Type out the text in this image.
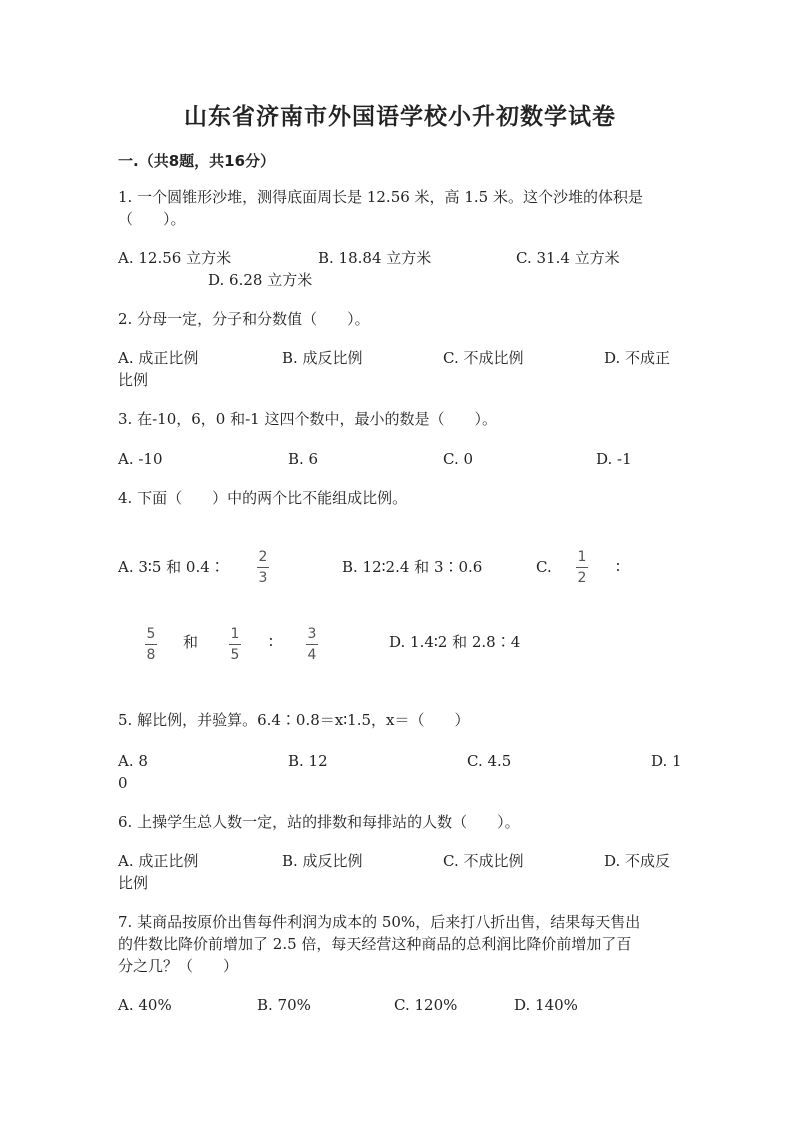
山东省济南市外国语学校小升初数学试卷
一.（共8题，共16分）
1. 一个圆锥形沙堆，测得底面周长是 12.56 米，高 1.5 米。这个沙堆的体积是
（　　）。
A. 12.56 立方米	B. 18.84 立方米	C. 31.4 立方米
D. 6.28 立方米
2. 分母一定，分子和分数值（　　）。
A. 成正比例	B. 成反比例	C. 不成比例	D. 不成正
比例
3. 在-10，6，0 和-1 这四个数中，最小的数是（　　）。
A. -10	B. 6	C. 0	D. -1
4. 下面（　　）中的两个比不能组成比例。
A. 3∶5 和 0.4∶
2
3
B. 12∶2.4 和 3∶0.6	C.
1
2
∶
5
8
和 1
5
∶ 3
4
D. 1.4∶2 和 2.8∶4
5. 解比例，并验算。6.4∶0.8＝x∶1.5，x＝（　　）
A. 8	B. 12	C. 4.5	D. 1
0
6. 上操学生总人数一定，站的排数和每排站的人数（　　）。
A. 成正比例	B. 成反比例	C. 不成比例	D. 不成反
比例
7. 某商品按原价出售每件利润为成本的 50%，后来打八折出售，结果每天售出
的件数比降价前增加了 2.5 倍，每天经营这种商品的总利润比降价前增加了百
分之几？（　　）
A. 40%	B. 70%	C. 120%	D. 140%
